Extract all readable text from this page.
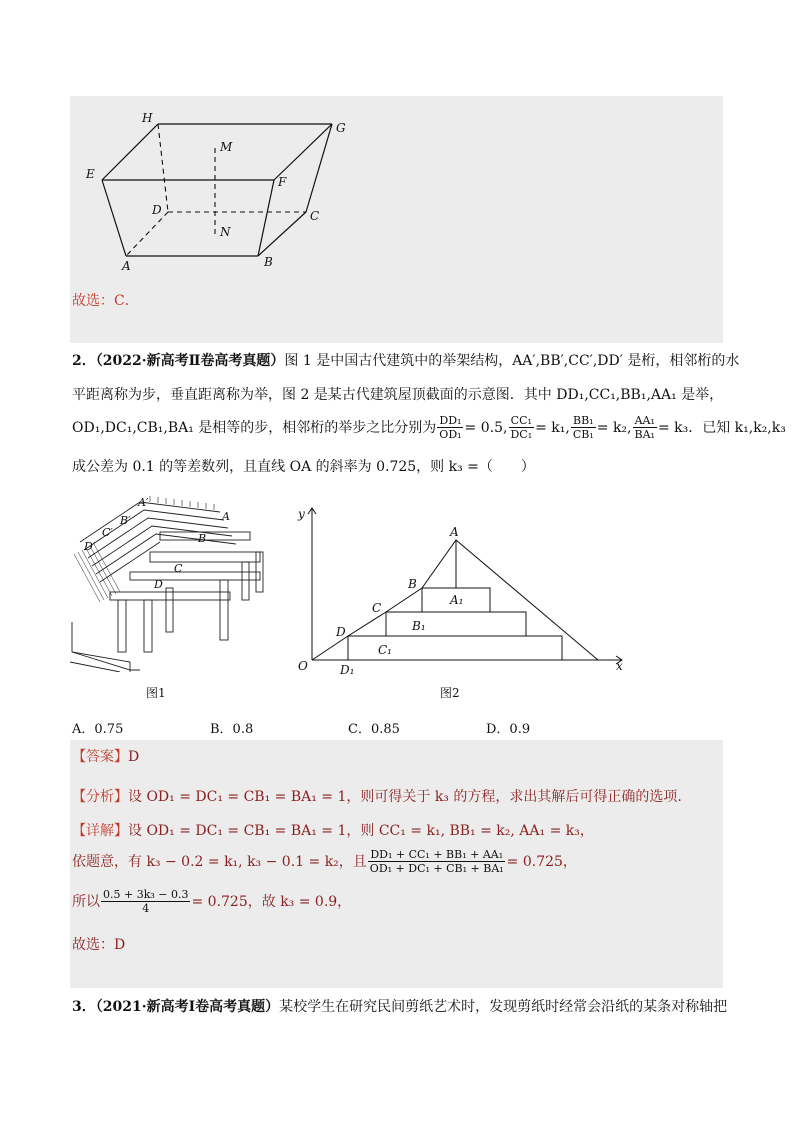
H
G
M
E
F
D	C
N
A	B
故选：C．
2．（2022·新高考Ⅱ卷高考真题）图 1 是中国古代建筑中的举架结构，AA′,BB′,CC′,DD′ 是桁，相邻桁的水
平距离称为步，垂直距离称为举，图 2 是某古代建筑屋顶截面的示意图．其中 DD₁,CC₁,BB₁,AA₁ 是举，
OD₁,DC₁,CB₁,BA₁ 是相等的步，相邻桁的举步之比分别为 $\frac{\text{DD₁}}{\text{OD₁}} = 0.5$, $\frac{\text{CC₁}}{\text{DC₁}} = k_1$, $\frac{\text{BB₁}}{\text{CB₁}} = k_2$, $\frac{\text{AA₁}}{\text{BA₁}} = k_3$ ．已知 k₁,k₂,k₃
成公差为 0.1 的等差数列，且直线 OA 的斜率为 0.725，则 k₃ =（　　）
A′
B′
C′
D′
A
B
C
D
图1
y
x
O
A
B
C
D
A₁
B₁
C₁
D₁
图2
A．0.75	B．0.8	C．0.85	D．0.9
【答案】D
【分析】设 OD₁ = DC₁ = CB₁ = BA₁ = 1，则可得关于 k₃ 的方程，求出其解后可得正确的选项.
【详解】设 OD₁ = DC₁ = CB₁ = BA₁ = 1，则 CC₁ = k₁, BB₁ = k₂, AA₁ = k₃，
依题意，有 k₃ − 0.2 = k₁, k₃ − 0.1 = k₂，且 $\frac{\text{DD₁ + CC₁ + BB₁ + AA₁}}{\text{OD₁ + DC₁ + CB₁ + BA₁}} = 0.725$，
所以 $\frac{\text{0.5 + 3k₃ − 0.3}}{4} = 0.725$，故 k₃ = 0.9，
故选：D
3．（2021·新高考Ⅰ卷高考真题）某校学生在研究民间剪纸艺术时，发现剪纸时经常会沿纸的某条对称轴把
